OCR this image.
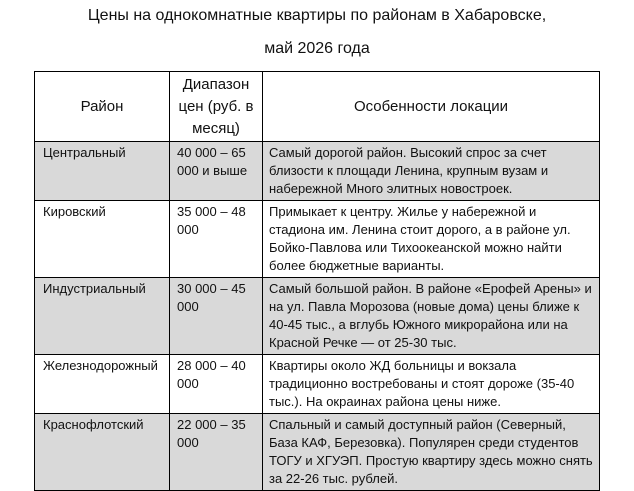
Цены на однокомнатные квартиры по районам в Хабаровске,
май 2026 года
Район	Диапазон цен (руб. в месяц)	Особенности локации
Центральный	40 000 – 65 000 и выше	Самый дорогой район. Высокий спрос за счет близости к площади Ленина, крупным вузам и набережной Много элитных новостроек.
Кировский	35 000 – 48 000	Примыкает к центру. Жилье у набережной и стадиона им. Ленина стоит дорого, а в районе ул. Бойко-Павлова или Тихоокеанской можно найти более бюджетные варианты.
Индустриальный	30 000 – 45 000	Самый большой район. В районе «Ерофей Арены» и на ул. Павла Морозова (новые дома) цены ближе к 40-45 тыс., а вглубь Южного микрорайона или на Красной Речке — от 25-30 тыс.
Железнодорожный	28 000 – 40 000	Квартиры около ЖД больницы и вокзала традиционно востребованы и стоят дороже (35-40 тыс.). На окраинах района цены ниже.
Краснофлотский	22 000 – 35 000	Спальный и самый доступный район (Северный, База КАФ, Березовка). Популярен среди студентов ТОГУ и ХГУЭП. Простую квартиру здесь можно снять за 22-26 тыс. рублей.
